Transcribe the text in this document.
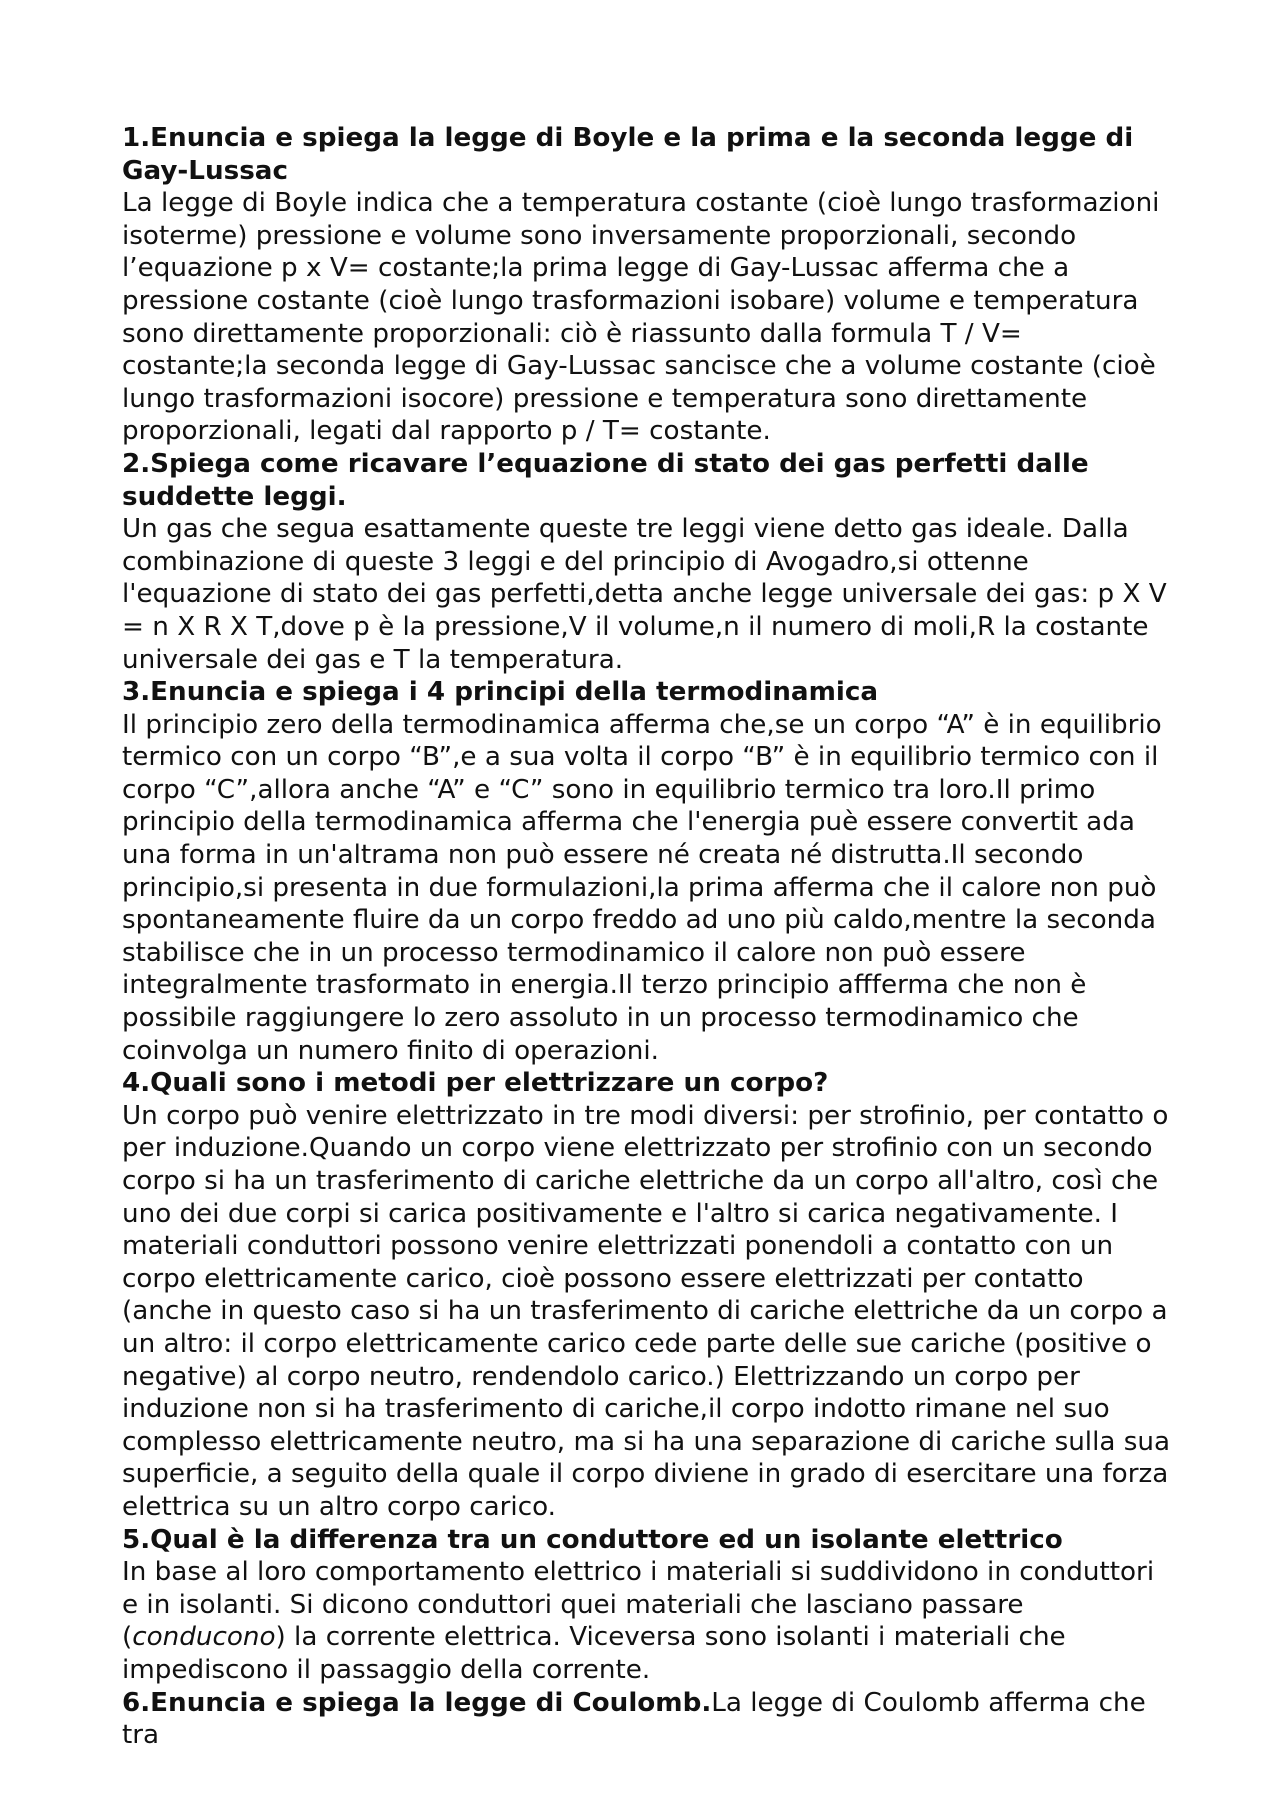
1.Enuncia e spiega la legge di Boyle e la prima e la seconda legge di Gay-Lussac

La legge di Boyle indica che a temperatura costante (cioè lungo trasformazioni isoterme) pressione e volume sono inversamente proporzionali, secondo l’equazione p x V= costante;la prima legge di Gay-Lussac afferma che a pressione costante (cioè lungo trasformazioni isobare) volume e temperatura sono direttamente proporzionali: ciò è riassunto dalla formula T / V= costante;la seconda legge di Gay-Lussac sancisce che a volume costante (cioè lungo trasformazioni isocore) pressione e temperatura sono direttamente proporzionali, legati dal rapporto p / T= costante.

2.Spiega come ricavare l’equazione di stato dei gas perfetti dalle suddette leggi.

Un gas che segua esattamente queste tre leggi viene detto gas ideale. Dalla combinazione di queste 3 leggi e del principio di Avogadro,si ottenne l'equazione di stato dei gas perfetti,detta anche legge universale dei gas: p X V = n X R X T,dove p è la pressione,V il volume,n il numero di moli,R la costante universale dei gas e T la temperatura.

3.Enuncia e spiega i 4 principi della termodinamica

Il principio zero della termodinamica afferma che,se un corpo “A” è in equilibrio termico con un corpo “B”,e a sua volta il corpo “B” è in equilibrio termico con il corpo “C”,allora anche “A” e “C” sono in equilibrio termico tra loro.Il primo principio della termodinamica afferma che l'energia puè essere convertit ada una forma in un'altrama non può essere né creata né distrutta.Il secondo principio,si presenta in due formulazioni,la prima afferma che il calore non può spontaneamente fluire da un corpo freddo ad uno più caldo,mentre la seconda stabilisce che in un processo termodinamico il calore non può essere integralmente trasformato in energia.Il terzo principio affferma che non è possibile raggiungere lo zero assoluto in un processo termodinamico che coinvolga un numero finito di operazioni.

4.Quali sono i metodi per elettrizzare un corpo?

Un corpo può venire elettrizzato in tre modi diversi: per strofinio, per contatto o per induzione.Quando un corpo viene elettrizzato per strofinio con un secondo corpo si ha un trasferimento di cariche elettriche da un corpo all'altro, così che uno dei due corpi si carica positivamente e l'altro si carica negativamente. I materiali conduttori possono venire elettrizzati ponendoli a contatto con un corpo elettricamente carico, cioè possono essere elettrizzati per contatto (anche in questo caso si ha un trasferimento di cariche elettriche da un corpo a un altro: il corpo elettricamente carico cede parte delle sue cariche (positive o negative) al corpo neutro, rendendolo carico.) Elettrizzando un corpo per induzione non si ha trasferimento di cariche,il corpo indotto rimane nel suo complesso elettricamente neutro, ma si ha una separazione di cariche sulla sua superficie, a seguito della quale il corpo diviene in grado di esercitare una forza elettrica su un altro corpo carico.

5.Qual è la differenza tra un conduttore ed un isolante elettrico

In base al loro comportamento elettrico i materiali si suddividono in conduttori e in isolanti. Si dicono conduttori quei materiali che lasciano passare (conducono) la corrente elettrica. Viceversa sono isolanti i materiali che impediscono il passaggio della corrente.

6.Enuncia e spiega la legge di Coulomb.La legge di Coulomb afferma che tra
